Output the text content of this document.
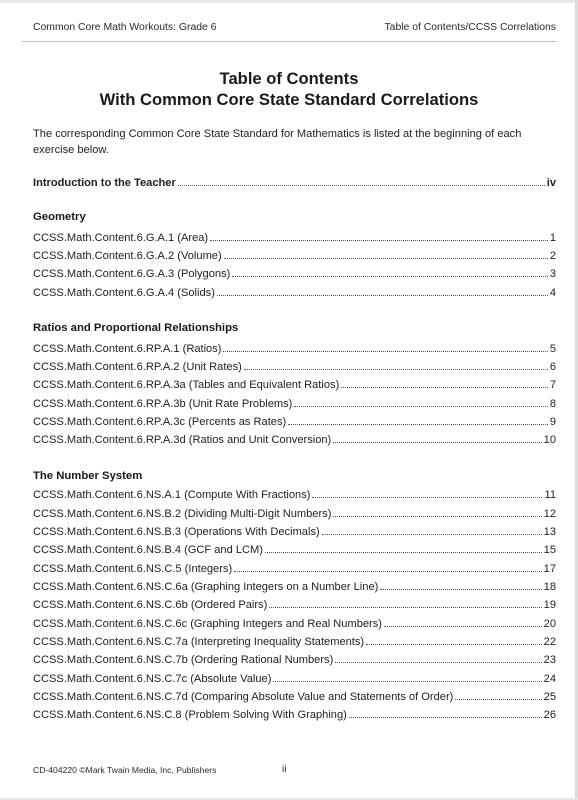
Common Core Math Workouts: Grade 6	Table of Contents/CCSS Correlations
Table of Contents
With Common Core State Standard Correlations
The corresponding Common Core State Standard for Mathematics is listed at the beginning of each exercise below.
Introduction to the Teacher	iv
Geometry
CCSS.Math.Content.6.G.A.1 (Area)	1
CCSS.Math.Content.6.G.A.2 (Volume)	2
CCSS.Math.Content.6.G.A.3 (Polygons)	3
CCSS.Math.Content.6.G.A.4 (Solids)	4
Ratios and Proportional Relationships
CCSS.Math.Content.6.RP.A.1 (Ratios)	5
CCSS.Math.Content.6.RP.A.2 (Unit Rates)	6
CCSS.Math.Content.6.RP.A.3a (Tables and Equivalent Ratios)	7
CCSS.Math.Content.6.RP.A.3b (Unit Rate Problems)	8
CCSS.Math.Content.6.RP.A.3c (Percents as Rates)	9
CCSS.Math.Content.6.RP.A.3d (Ratios and Unit Conversion)	10
The Number System
CCSS.Math.Content.6.NS.A.1 (Compute With Fractions)	11
CCSS.Math.Content.6.NS.B.2 (Dividing Multi-Digit Numbers)	12
CCSS.Math.Content.6.NS.B.3 (Operations With Decimals)	13
CCSS.Math.Content.6.NS.B.4 (GCF and LCM)	15
CCSS.Math.Content.6.NS.C.5 (Integers)	17
CCSS.Math.Content.6.NS.C.6a (Graphing Integers on a Number Line)	18
CCSS.Math.Content.6.NS.C.6b (Ordered Pairs)	19
CCSS.Math.Content.6.NS.C.6c (Graphing Integers and Real Numbers)	20
CCSS.Math.Content.6.NS.C.7a (Interpreting Inequality Statements)	22
CCSS.Math.Content.6.NS.C.7b (Ordering Rational Numbers)	23
CCSS.Math.Content.6.NS.C.7c (Absolute Value)	24
CCSS.Math.Content.6.NS.C.7d (Comparing Absolute Value and Statements of Order)	25
CCSS.Math.Content.6.NS.C.8 (Problem Solving With Graphing)	26
CD-404220 ©Mark Twain Media, Inc, Publishers	ii
